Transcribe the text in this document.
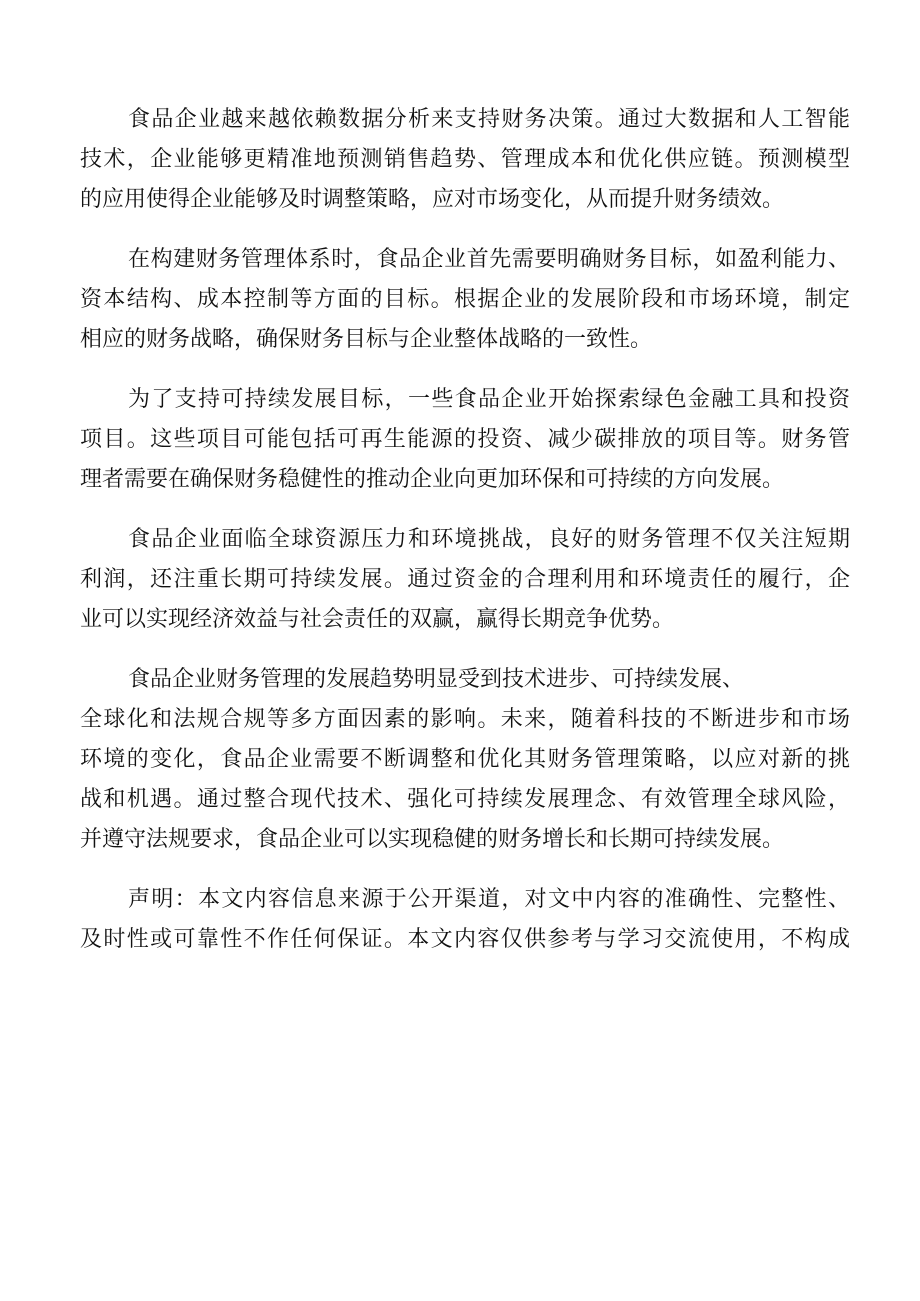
食品企业越来越依赖数据分析来支持财务决策。通过大数据和人工智能
技术，企业能够更精准地预测销售趋势、管理成本和优化供应链。预测模型
的应用使得企业能够及时调整策略，应对市场变化，从而提升财务绩效。
在构建财务管理体系时，食品企业首先需要明确财务目标，如盈利能力、
资本结构、成本控制等方面的目标。根据企业的发展阶段和市场环境，制定
相应的财务战略，确保财务目标与企业整体战略的一致性。
为了支持可持续发展目标，一些食品企业开始探索绿色金融工具和投资
项目。这些项目可能包括可再生能源的投资、减少碳排放的项目等。财务管
理者需要在确保财务稳健性的推动企业向更加环保和可持续的方向发展。
食品企业面临全球资源压力和环境挑战，良好的财务管理不仅关注短期
利润，还注重长期可持续发展。通过资金的合理利用和环境责任的履行，企
业可以实现经济效益与社会责任的双赢，赢得长期竞争优势。
食品企业财务管理的发展趋势明显受到技术进步、可持续发展、
全球化和法规合规等多方面因素的影响。未来，随着科技的不断进步和市场
环境的变化，食品企业需要不断调整和优化其财务管理策略，以应对新的挑
战和机遇。通过整合现代技术、强化可持续发展理念、有效管理全球风险，
并遵守法规要求，食品企业可以实现稳健的财务增长和长期可持续发展。
声明：本文内容信息来源于公开渠道，对文中内容的准确性、完整性、
及时性或可靠性不作任何保证。本文内容仅供参考与学习交流使用，不构成
